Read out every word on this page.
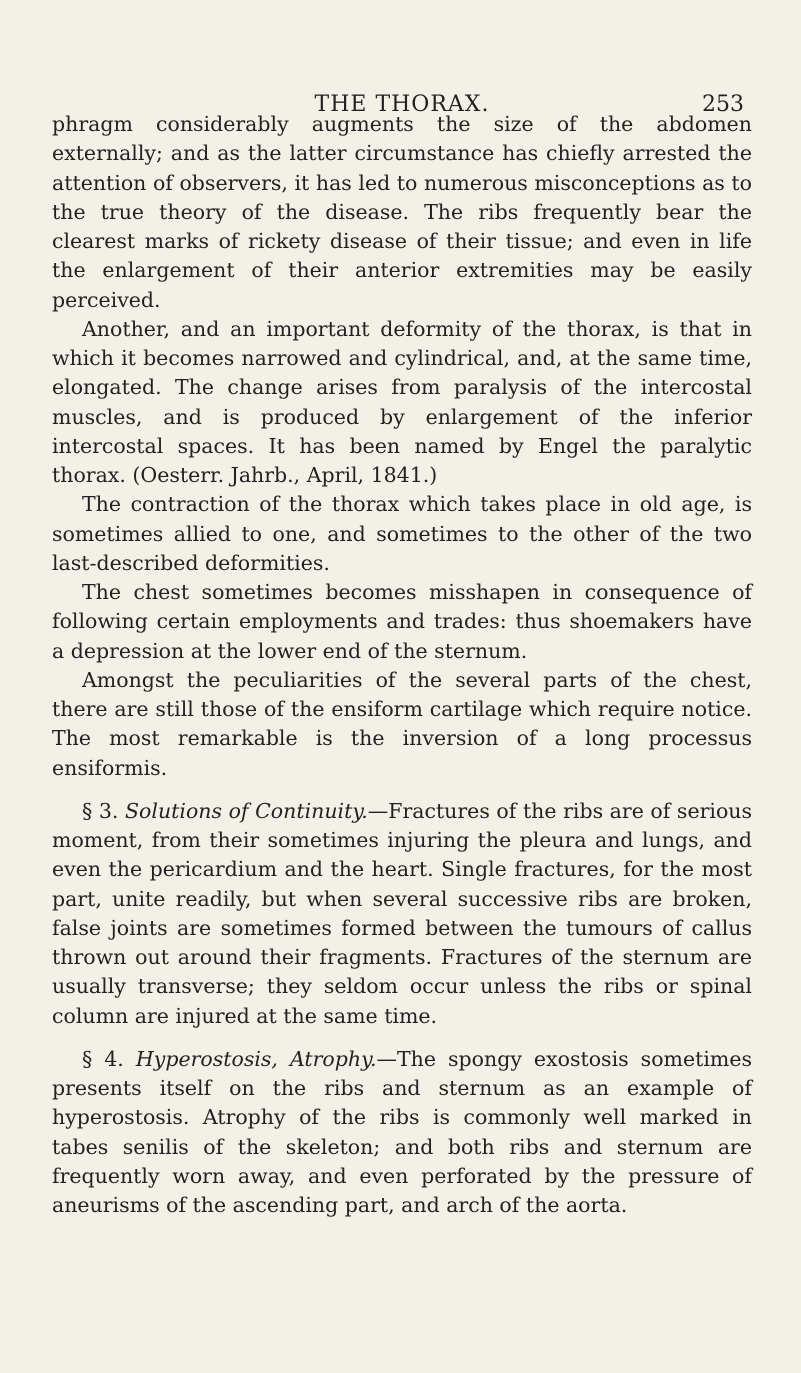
THE THORAX.	253

phragm considerably augments the size of the abdomen externally; and as the latter circumstance has chiefly arrested the attention of observers, it has led to numerous misconceptions as to the true theory of the disease. The ribs frequently bear the clearest marks of rickety disease of their tissue; and even in life the enlargement of their anterior extremities may be easily perceived.

Another, and an important deformity of the thorax, is that in which it becomes narrowed and cylindrical, and, at the same time, elongated. The change arises from paralysis of the intercostal muscles, and is produced by enlargement of the inferior intercostal spaces. It has been named by Engel the paralytic thorax. (Oesterr. Jahrb., April, 1841.)

The contraction of the thorax which takes place in old age, is sometimes allied to one, and sometimes to the other of the two last-described deformities.

The chest sometimes becomes misshapen in consequence of following certain employments and trades: thus shoemakers have a depression at the lower end of the sternum.

Amongst the peculiarities of the several parts of the chest, there are still those of the ensiform cartilage which require notice. The most remarkable is the inversion of a long processus ensiformis.

§ 3. Solutions of Continuity.—Fractures of the ribs are of serious moment, from their sometimes injuring the pleura and lungs, and even the pericardium and the heart. Single fractures, for the most part, unite readily, but when several successive ribs are broken, false joints are sometimes formed between the tumours of callus thrown out around their fragments. Fractures of the sternum are usually transverse; they seldom occur unless the ribs or spinal column are injured at the same time.

§ 4. Hyperostosis, Atrophy.—The spongy exostosis sometimes presents itself on the ribs and sternum as an example of hyperostosis. Atrophy of the ribs is commonly well marked in tabes senilis of the skeleton; and both ribs and sternum are frequently worn away, and even perforated by the pressure of aneurisms of the ascending part, and arch of the aorta.
